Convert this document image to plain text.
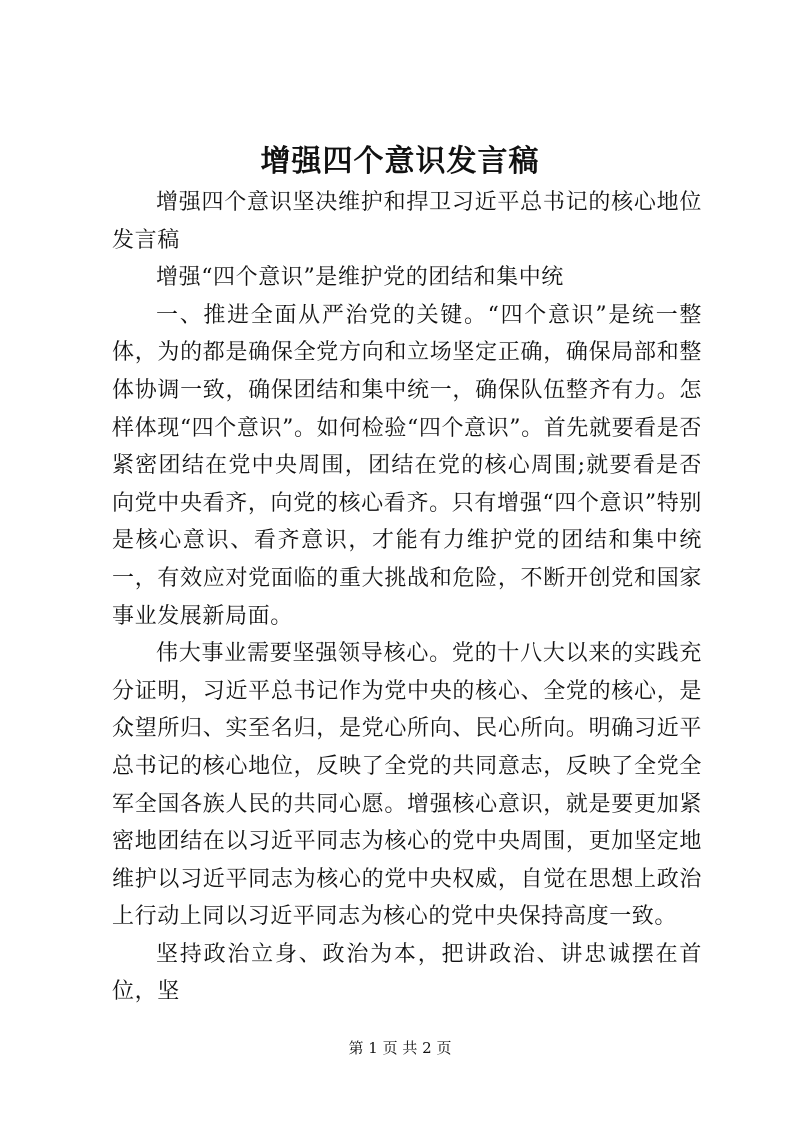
增强四个意识发言稿

增强四个意识坚决维护和捍卫习近平总书记的核心地位发言稿

增强“四个意识”是维护党的团结和集中统

一、推进全面从严治党的关键。“四个意识”是统一整体，为的都是确保全党方向和立场坚定正确，确保局部和整体协调一致，确保团结和集中统一，确保队伍整齐有力。怎样体现“四个意识”。如何检验“四个意识”。首先就要看是否紧密团结在党中央周围，团结在党的核心周围;就要看是否向党中央看齐，向党的核心看齐。只有增强“四个意识”特别是核心意识、看齐意识，才能有力维护党的团结和集中统一，有效应对党面临的重大挑战和危险，不断开创党和国家事业发展新局面。

伟大事业需要坚强领导核心。党的十八大以来的实践充分证明，习近平总书记作为党中央的核心、全党的核心，是众望所归、实至名归，是党心所向、民心所向。明确习近平总书记的核心地位，反映了全党的共同意志，反映了全党全军全国各族人民的共同心愿。增强核心意识，就是要更加紧密地团结在以习近平同志为核心的党中央周围，更加坚定地维护以习近平同志为核心的党中央权威，自觉在思想上政治上行动上同以习近平同志为核心的党中央保持高度一致。

坚持政治立身、政治为本，把讲政治、讲忠诚摆在首位，坚

第 1 页 共 2 页
